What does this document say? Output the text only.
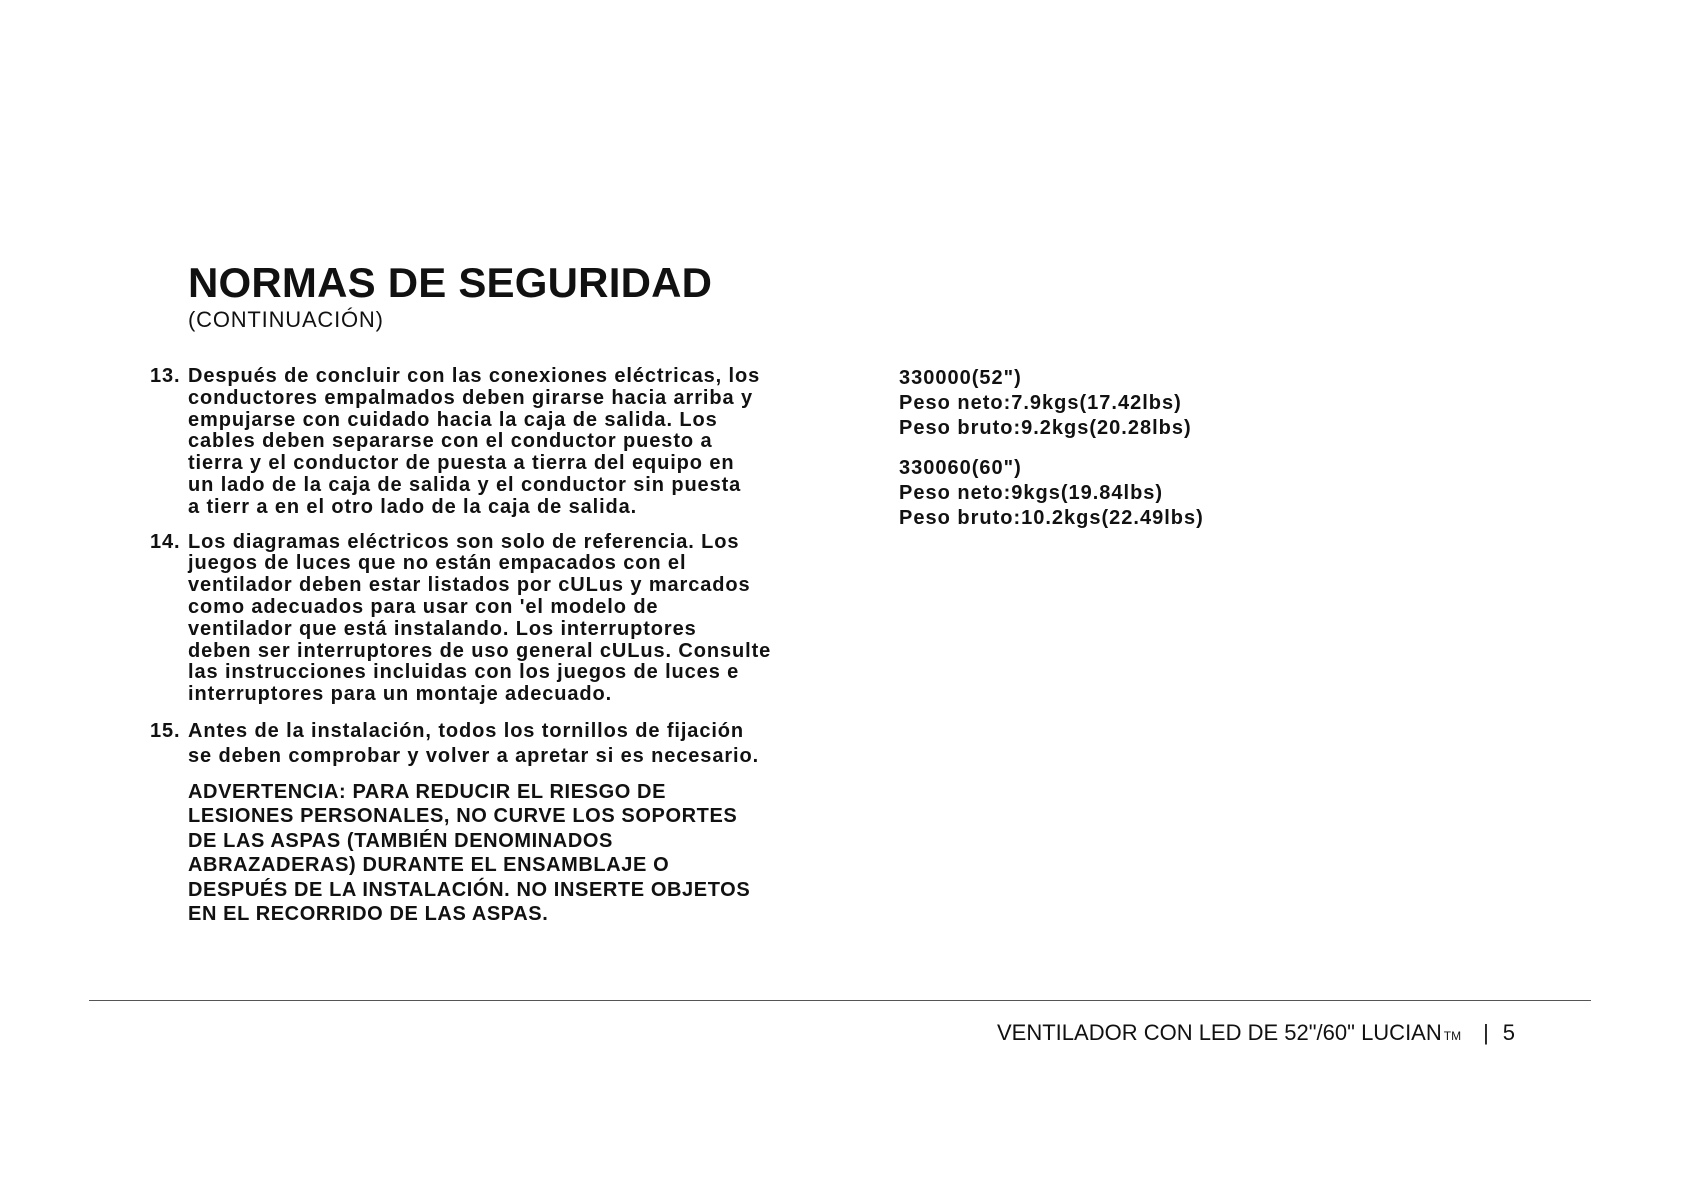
NORMAS DE SEGURIDAD
(CONTINUACIÓN)
13. Después de concluir con las conexiones eléctricas, los
conductores empalmados deben girarse hacia arriba y
empujarse con cuidado hacia la caja de salida. Los
cables deben separarse con el conductor puesto a
tierra y el conductor de puesta a tierra del equipo en
un lado de la caja de salida y el conductor sin puesta
a tierr a en el otro lado de la caja de salida.
14. Los diagramas eléctricos son solo de referencia. Los
juegos de luces que no están empacados con el
ventilador deben estar listados por cULus y marcados
como adecuados para usar con 'el modelo de
ventilador que está instalando. Los interruptores
deben ser interruptores de uso general cULus. Consulte
las instrucciones incluidas con los juegos de luces e
interruptores para un montaje adecuado.
15. Antes de la instalación, todos los tornillos de fijación
se deben comprobar y volver a apretar si es necesario.
ADVERTENCIA: PARA REDUCIR EL RIESGO DE
LESIONES PERSONALES, NO CURVE LOS SOPORTES
DE LAS ASPAS (TAMBIÉN DENOMINADOS
ABRAZADERAS) DURANTE EL ENSAMBLAJE O
DESPUÉS DE LA INSTALACIÓN. NO INSERTE OBJETOS
EN EL RECORRIDO DE LAS ASPAS.
330000(52")
Peso neto:7.9kgs(17.42lbs)
Peso bruto:9.2kgs(20.28lbs)
330060(60")
Peso neto:9kgs(19.84lbs)
Peso bruto:10.2kgs(22.49lbs)
VENTILADOR CON LED DE 52"/60" LUCIAN TM | 5
